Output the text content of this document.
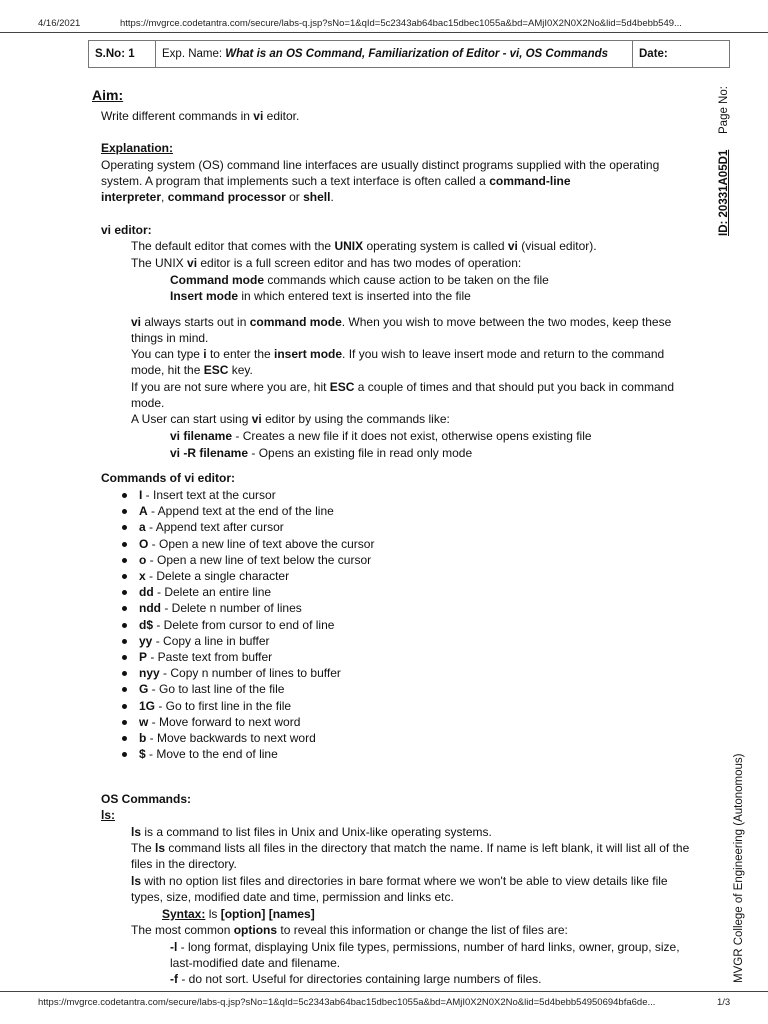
4/16/2021	https://mvgrce.codetantra.com/secure/labs-q.jsp?sNo=1&qId=5c2343ab64bac15dbec1055a&bd=AMjI0X2N0X2No&lid=5d4bebb549...
S.No: 1	Exp. Name: What is an OS Command, Familiarization of Editor - vi, OS Commands	Date:
Page No:
ID: 20331A05D1
MVGR College of Engineering (Autonomous)
Aim:
Write different commands in vi editor.
Explanation:
Operating system (OS) command line interfaces are usually distinct programs supplied with the operating
system. A program that implements such a text interface is often called a command-line
interpreter, command processor or shell.
vi editor:
The default editor that comes with the UNIX operating system is called vi (visual editor).
The UNIX vi editor is a full screen editor and has two modes of operation:
Command mode commands which cause action to be taken on the file
Insert mode in which entered text is inserted into the file
vi always starts out in command mode. When you wish to move between the two modes, keep these
things in mind.
You can type i to enter the insert mode. If you wish to leave insert mode and return to the command
mode, hit the ESC key.
If you are not sure where you are, hit ESC a couple of times and that should put you back in command
mode.
A User can start using vi editor by using the commands like:
vi filename - Creates a new file if it does not exist, otherwise opens existing file
vi -R filename - Opens an existing file in read only mode
Commands of vi editor:
I - Insert text at the cursor
A - Append text at the end of the line
a - Append text after cursor
O - Open a new line of text above the cursor
o - Open a new line of text below the cursor
x - Delete a single character
dd - Delete an entire line
ndd - Delete n number of lines
d$ - Delete from cursor to end of line
yy - Copy a line in buffer
P - Paste text from buffer
nyy - Copy n number of lines to buffer
G - Go to last line of the file
1G - Go to first line in the file
w - Move forward to next word
b - Move backwards to next word
$ - Move to the end of line
OS Commands:
ls:
ls is a command to list files in Unix and Unix-like operating systems.
The ls command lists all files in the directory that match the name. If name is left blank, it will list all of the
files in the directory.
ls with no option list files and directories in bare format where we won't be able to view details like file
types, size, modified date and time, permission and links etc.
Syntax: ls [option] [names]
The most common options to reveal this information or change the list of files are:
-l - long format, displaying Unix file types, permissions, number of hard links, owner, group, size,
last-modified date and filename.
-f - do not sort. Useful for directories containing large numbers of files.
https://mvgrce.codetantra.com/secure/labs-q.jsp?sNo=1&qId=5c2343ab64bac15dbec1055a&bd=AMjI0X2N0X2No&lid=5d4bebb54950694bfa6de...	1/3
